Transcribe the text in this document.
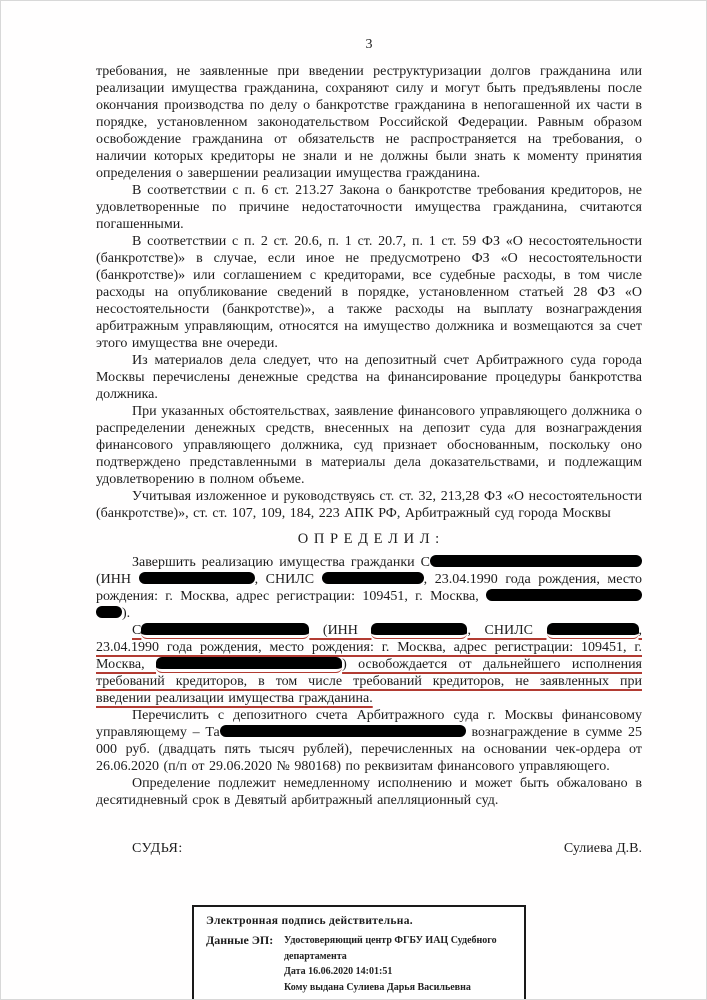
3

требования, не заявленные при введении реструктуризации долгов гражданина или реализации имущества гражданина, сохраняют силу и могут быть предъявлены после окончания производства по делу о банкротстве гражданина в непогашенной их части в порядке, установленном законодательством Российской Федерации. Равным образом освобождение гражданина от обязательств не распространяется на требования, о наличии которых кредиторы не знали и не должны были знать к моменту принятия определения о завершении реализации имущества гражданина.

В соответствии с п. 6 ст. 213.27 Закона о банкротстве требования кредиторов, не удовлетворенные по причине недостаточности имущества гражданина, считаются погашенными.

В соответствии с п. 2 ст. 20.6, п. 1 ст. 20.7, п. 1 ст. 59 ФЗ «О несостоятельности (банкротстве)» в случае, если иное не предусмотрено ФЗ «О несостоятельности (банкротстве)» или соглашением с кредиторами, все судебные расходы, в том числе расходы на опубликование сведений в порядке, установленном статьей 28 ФЗ «О несостоятельности (банкротстве)», а также расходы на выплату вознаграждения арбитражным управляющим, относятся на имущество должника и возмещаются за счет этого имущества вне очереди.

Из материалов дела следует, что на депозитный счет Арбитражного суда города Москвы перечислены денежные средства на финансирование процедуры банкротства должника.

При указанных обстоятельствах, заявление финансового управляющего должника о распределении денежных средств, внесенных на депозит суда для вознаграждения финансового управляющего должника, суд признает обоснованным, поскольку оно подтверждено представленными в материалы дела доказательствами, и подлежащим удовлетворению в полном объеме.

Учитывая изложенное и руководствуясь ст. ст. 32, 213,28 ФЗ «О несостоятельности (банкротстве)», ст. ст. 107, 109, 184, 223 АПК РФ, Арбитражный суд города Москвы

О П Р Е Д Е Л И Л :

Завершить реализацию имущества гражданки С (ИНН	, СНИЛС	, 23.04.1990 года рождения, место рождения: г. Москва, адрес регистрации: 109451, г. Москва,  ).

С	(ИНН	, СНИЛС	, 23.04.1990 года рождения, место рождения: г. Москва, адрес регистрации: 109451, г. Москва,	) освобождается от дальнейшего исполнения требований кредиторов, в том числе требований кредиторов, не заявленных при введении реализации имущества гражданина.

Перечислить с депозитного счета Арбитражного суда г. Москвы финансовому управляющему – Та	вознаграждение в сумме 25 000 руб. (двадцать пять тысяч рублей), перечисленных на основании чек-ордера от 26.06.2020 (п/п от 29.06.2020 № 980168) по реквизитам финансового управляющего.

Определение подлежит немедленному исполнению и может быть обжаловано в десятидневный срок в Девятый арбитражный апелляционный суд.

СУДЬЯ:	Сулиева Д.В.
Электронная подпись действительна.
Данные ЭП:	Удостоверяющий центр ФГБУ ИАЦ Судебного департамента
Дата 16.06.2020 14:01:51
Кому выдана Сулиева Дарья Васильевна
